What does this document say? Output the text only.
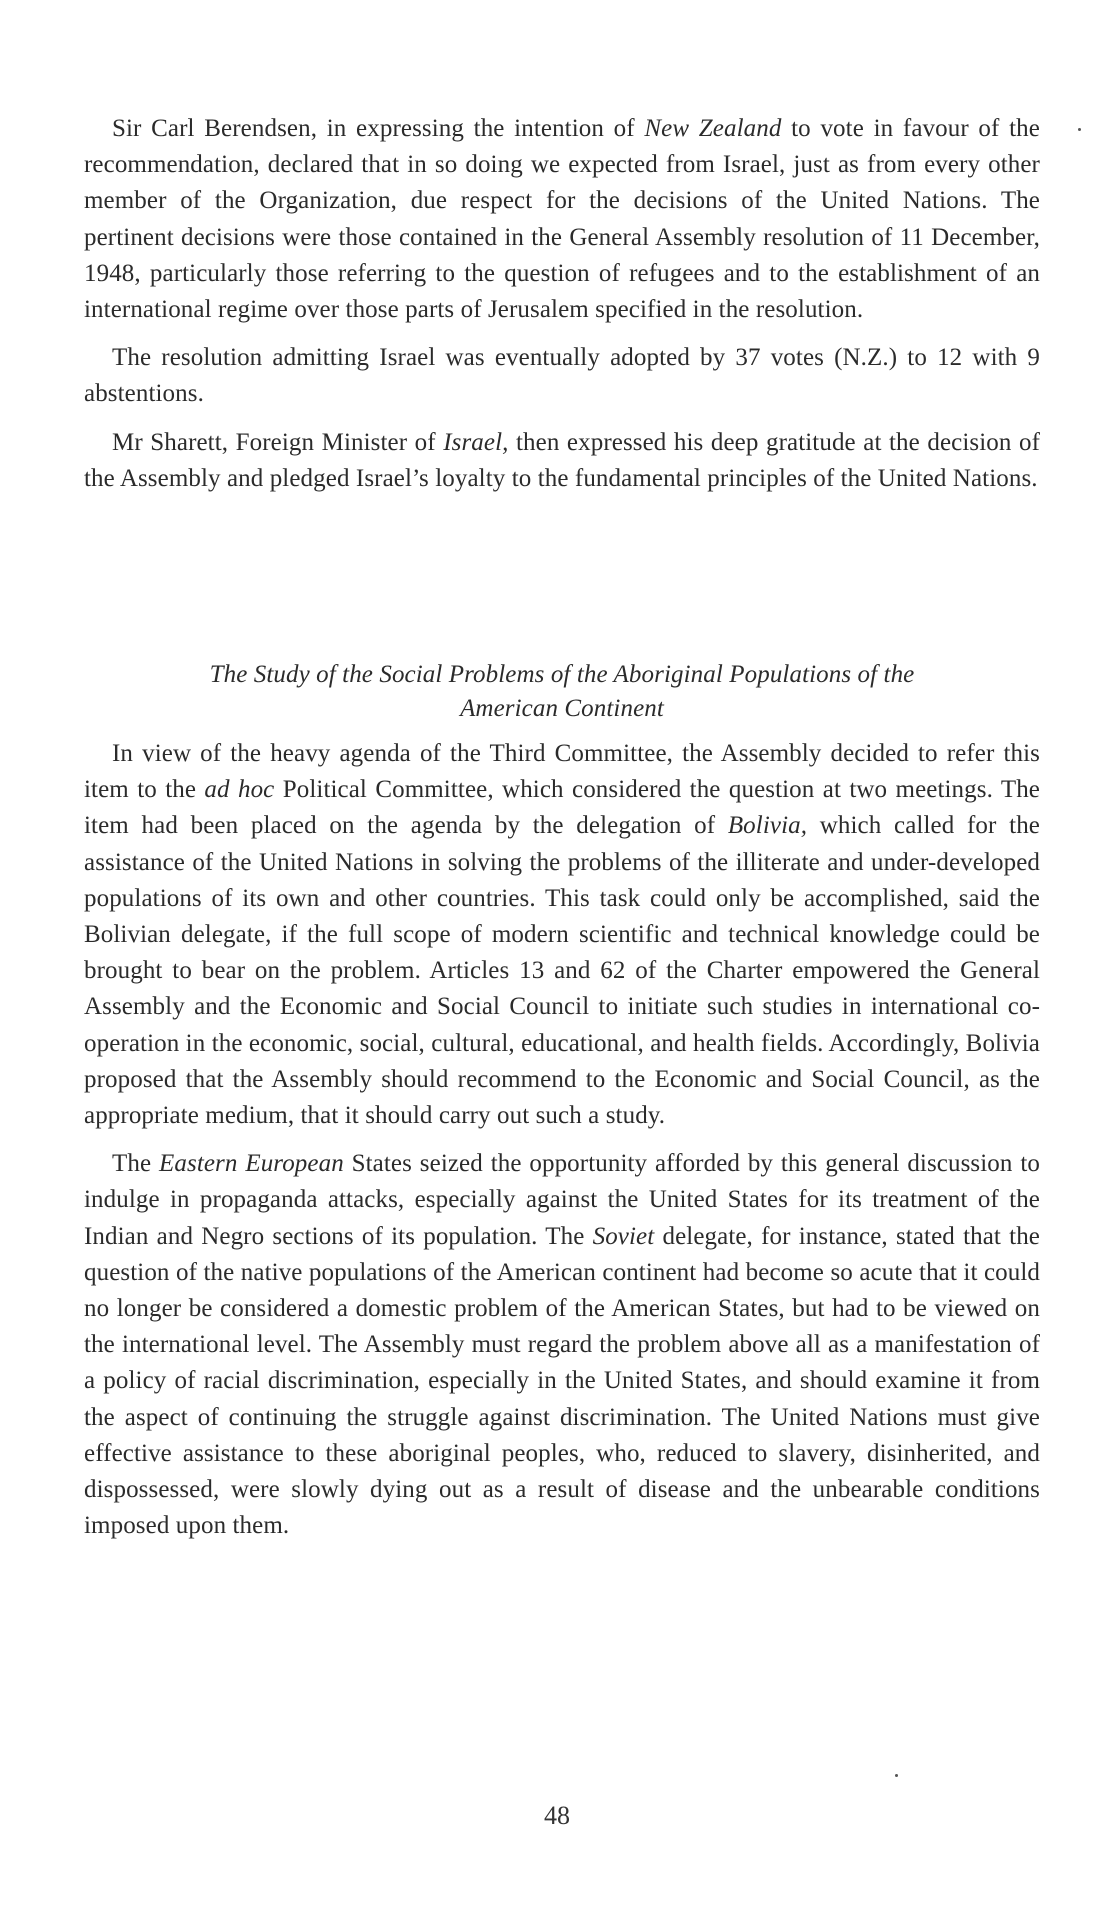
Sir Carl Berendsen, in expressing the intention of New Zealand to vote in favour of the recommendation, declared that in so doing we expected from Israel, just as from every other member of the Organization, due respect for the decisions of the United Nations. The pertinent decisions were those contained in the General Assembly resolution of 11 December, 1948, particularly those referring to the question of refugees and to the establishment of an international regime over those parts of Jerusalem specified in the resolution.

The resolution admitting Israel was eventually adopted by 37 votes (N.Z.) to 12 with 9 abstentions.

Mr Sharett, Foreign Minister of Israel, then expressed his deep gratitude at the decision of the Assembly and pledged Israel’s loyalty to the fundamental principles of the United Nations.

The Study of the Social Problems of the Aboriginal Populations of the
American Continent

In view of the heavy agenda of the Third Committee, the Assembly decided to refer this item to the ad hoc Political Committee, which considered the question at two meetings. The item had been placed on the agenda by the delegation of Bolivia, which called for the assistance of the United Nations in solving the problems of the illiterate and under-developed populations of its own and other countries. This task could only be accomplished, said the Bolivian delegate, if the full scope of modern scientific and technical knowledge could be brought to bear on the problem. Articles 13 and 62 of the Charter empowered the General Assembly and the Economic and Social Council to initiate such studies in international co-operation in the economic, social, cultural, educational, and health fields. Accordingly, Bolivia proposed that the Assembly should recommend to the Economic and Social Council, as the appropriate medium, that it should carry out such a study.

The Eastern European States seized the opportunity afforded by this general discussion to indulge in propaganda attacks, especially against the United States for its treatment of the Indian and Negro sections of its population. The Soviet delegate, for instance, stated that the question of the native populations of the American continent had become so acute that it could no longer be considered a domestic problem of the American States, but had to be viewed on the international level. The Assembly must regard the problem above all as a manifestation of a policy of racial discrimination, especially in the United States, and should examine it from the aspect of continuing the struggle against discrimination. The United Nations must give effective assistance to these aboriginal peoples, who, reduced to slavery, disinherited, and dispossessed, were slowly dying out as a result of disease and the unbearable conditions imposed upon them.

48
